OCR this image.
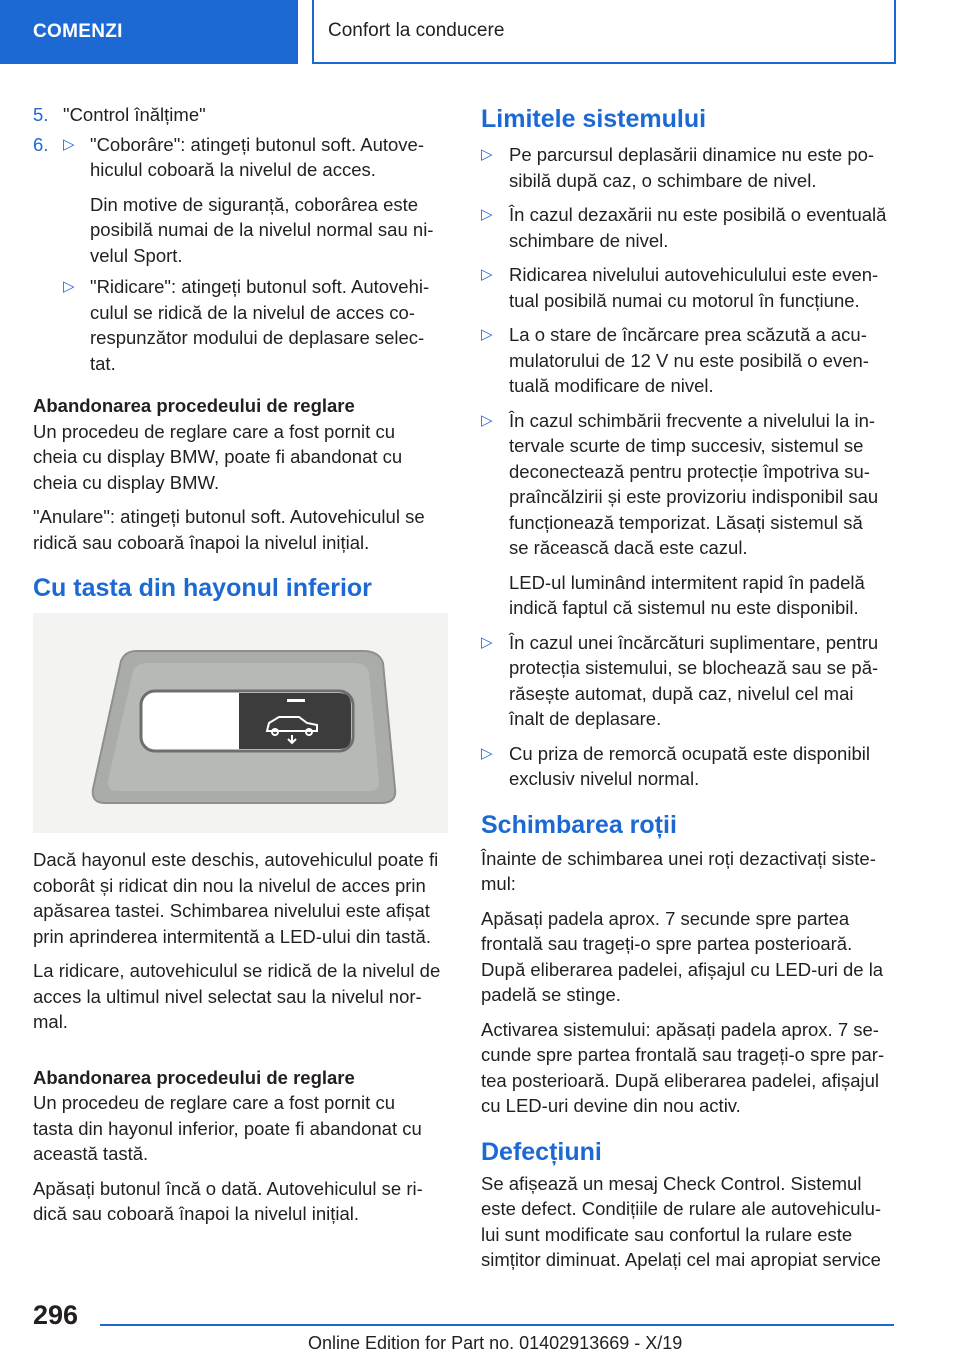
COMENZI	Confort la conducere
5. "Control înălțime"
6. ▷ "Coborâre": atingeți butonul soft. Autove-
hiculul coboară la nivelul de acces.
Din motive de siguranță, coborârea este
posibilă numai de la nivelul normal sau ni-
velul Sport.
▷ "Ridicare": atingeți butonul soft. Autovehi-
culul se ridică de la nivelul de acces co-
respunzător modului de deplasare selec-
tat.
Abandonarea procedeului de reglare
Un procedeu de reglare care a fost pornit cu
cheia cu display BMW, poate fi abandonat cu
cheia cu display BMW.
"Anulare": atingeți butonul soft. Autovehiculul se
ridică sau coboară înapoi la nivelul inițial.
Cu tasta din hayonul inferior
Dacă hayonul este deschis, autovehiculul poate fi
coborât și ridicat din nou la nivelul de acces prin
apăsarea tastei. Schimbarea nivelului este afișat
prin aprinderea intermitentă a LED-ului din tastă.
La ridicare, autovehiculul se ridică de la nivelul de
acces la ultimul nivel selectat sau la nivelul nor-
mal.
Abandonarea procedeului de reglare
Un procedeu de reglare care a fost pornit cu
tasta din hayonul inferior, poate fi abandonat cu
această tastă.
Apăsați butonul încă o dată. Autovehiculul se ri-
dică sau coboară înapoi la nivelul inițial.
Limitele sistemului
▷ Pe parcursul deplasării dinamice nu este po-
sibilă după caz, o schimbare de nivel.
▷ În cazul dezaxării nu este posibilă o eventuală
schimbare de nivel.
▷ Ridicarea nivelului autovehiculului este even-
tual posibilă numai cu motorul în funcțiune.
▷ La o stare de încărcare prea scăzută a acu-
mulatorului de 12 V nu este posibilă o even-
tuală modificare de nivel.
▷ În cazul schimbării frecvente a nivelului la in-
tervale scurte de timp succesiv, sistemul se
deconectează pentru protecție împotriva su-
praîncălzirii și este provizoriu indisponibil sau
funcționează temporizat. Lăsați sistemul să
se răcească dacă este cazul.
LED-ul luminând intermitent rapid în padelă
indică faptul că sistemul nu este disponibil.
▷ În cazul unei încărcături suplimentare, pentru
protecția sistemului, se blochează sau se pă-
răsește automat, după caz, nivelul cel mai
înalt de deplasare.
▷ Cu priza de remorcă ocupată este disponibil
exclusiv nivelul normal.
Schimbarea roții
Înainte de schimbarea unei roți dezactivați siste-
mul:
Apăsați padela aprox. 7 secunde spre partea
frontală sau trageți-o spre partea posterioară.
După eliberarea padelei, afișajul cu LED-uri de la
padelă se stinge.
Activarea sistemului: apăsați padela aprox. 7 se-
cunde spre partea frontală sau trageți-o spre par-
tea posterioară. După eliberarea padelei, afișajul
cu LED-uri devine din nou activ.
Defecțiuni
Se afișează un mesaj Check Control. Sistemul
este defect. Condițiile de rulare ale autovehiculu-
lui sunt modificate sau confortul la rulare este
simțitor diminuat. Apelați cel mai apropiat service
296
Online Edition for Part no. 01402913669 - X/19
